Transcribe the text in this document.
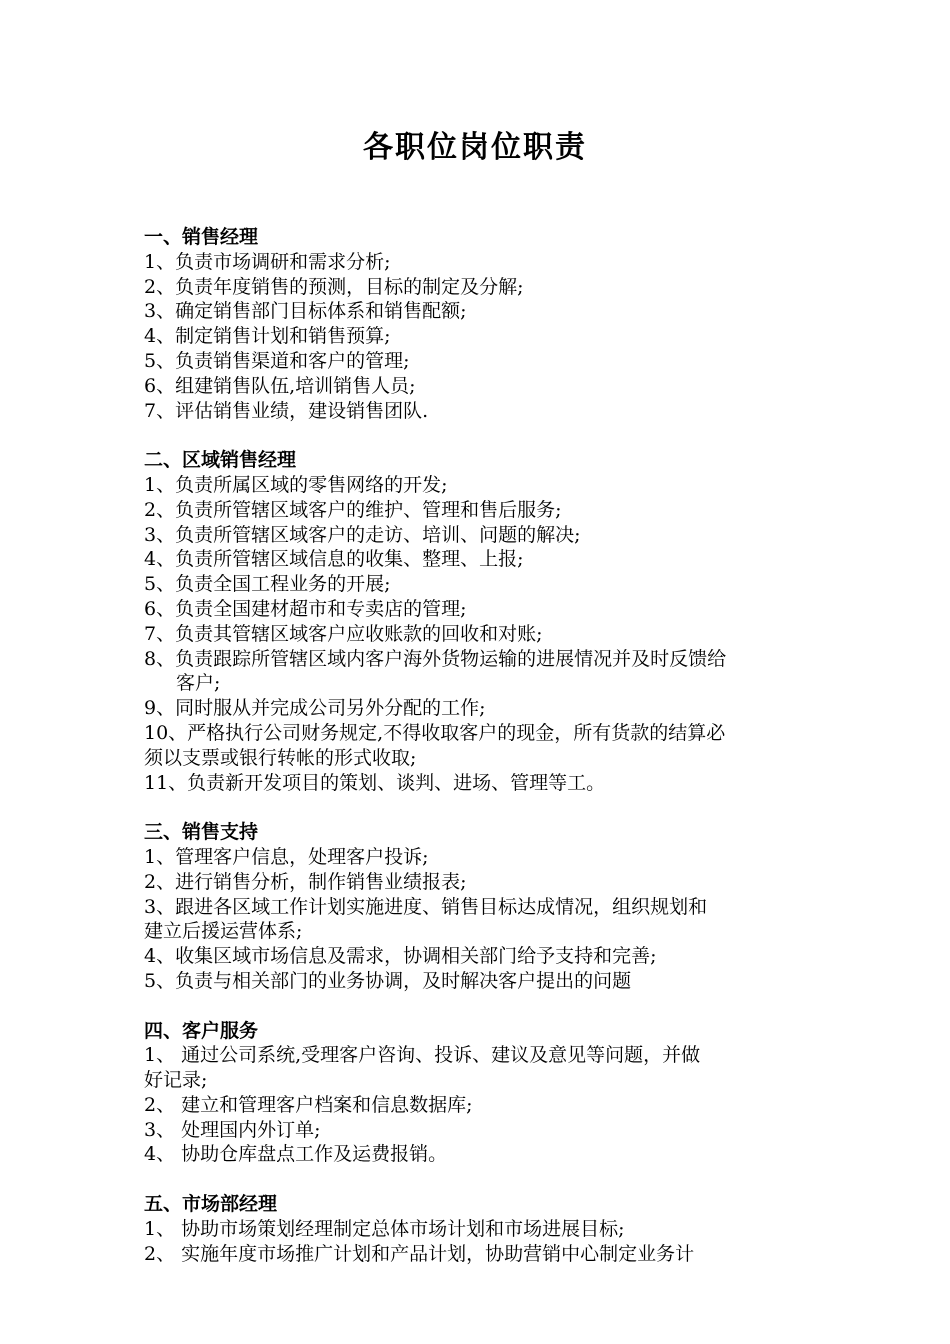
各职位岗位职责
一、销售经理
1、负责市场调研和需求分析;
2、负责年度销售的预测，目标的制定及分解;
3、确定销售部门目标体系和销售配额;
4、制定销售计划和销售预算;
5、负责销售渠道和客户的管理;
6、组建销售队伍,培训销售人员;
7、评估销售业绩，建设销售团队.
二、区域销售经理
1、负责所属区域的零售网络的开发;
2、负责所管辖区域客户的维护、管理和售后服务;
3、负责所管辖区域客户的走访、培训、问题的解决;
4、负责所管辖区域信息的收集、整理、上报;
5、负责全国工程业务的开展;
6、负责全国建材超市和专卖店的管理;
7、负责其管辖区域客户应收账款的回收和对账;
8、负责跟踪所管辖区域内客户海外货物运输的进展情况并及时反馈给
客户;
9、同时服从并完成公司另外分配的工作;
10、严格执行公司财务规定,不得收取客户的现金，所有货款的结算必
须以支票或银行转帐的形式收取;
11、负责新开发项目的策划、谈判、进场、管理等工。
三、销售支持
1、管理客户信息，处理客户投诉;
2、进行销售分析，制作销售业绩报表;
3、跟进各区域工作计划实施进度、销售目标达成情况，组织规划和
建立后援运营体系;
4、收集区域市场信息及需求，协调相关部门给予支持和完善;
5、负责与相关部门的业务协调，及时解决客户提出的问题
四、客户服务
1、 通过公司系统,受理客户咨询、投诉、建议及意见等问题，并做
好记录;
2、 建立和管理客户档案和信息数据库;
3、 处理国内外订单;
4、 协助仓库盘点工作及运费报销。
五、市场部经理
1、 协助市场策划经理制定总体市场计划和市场进展目标;
2、 实施年度市场推广计划和产品计划，协助营销中心制定业务计
